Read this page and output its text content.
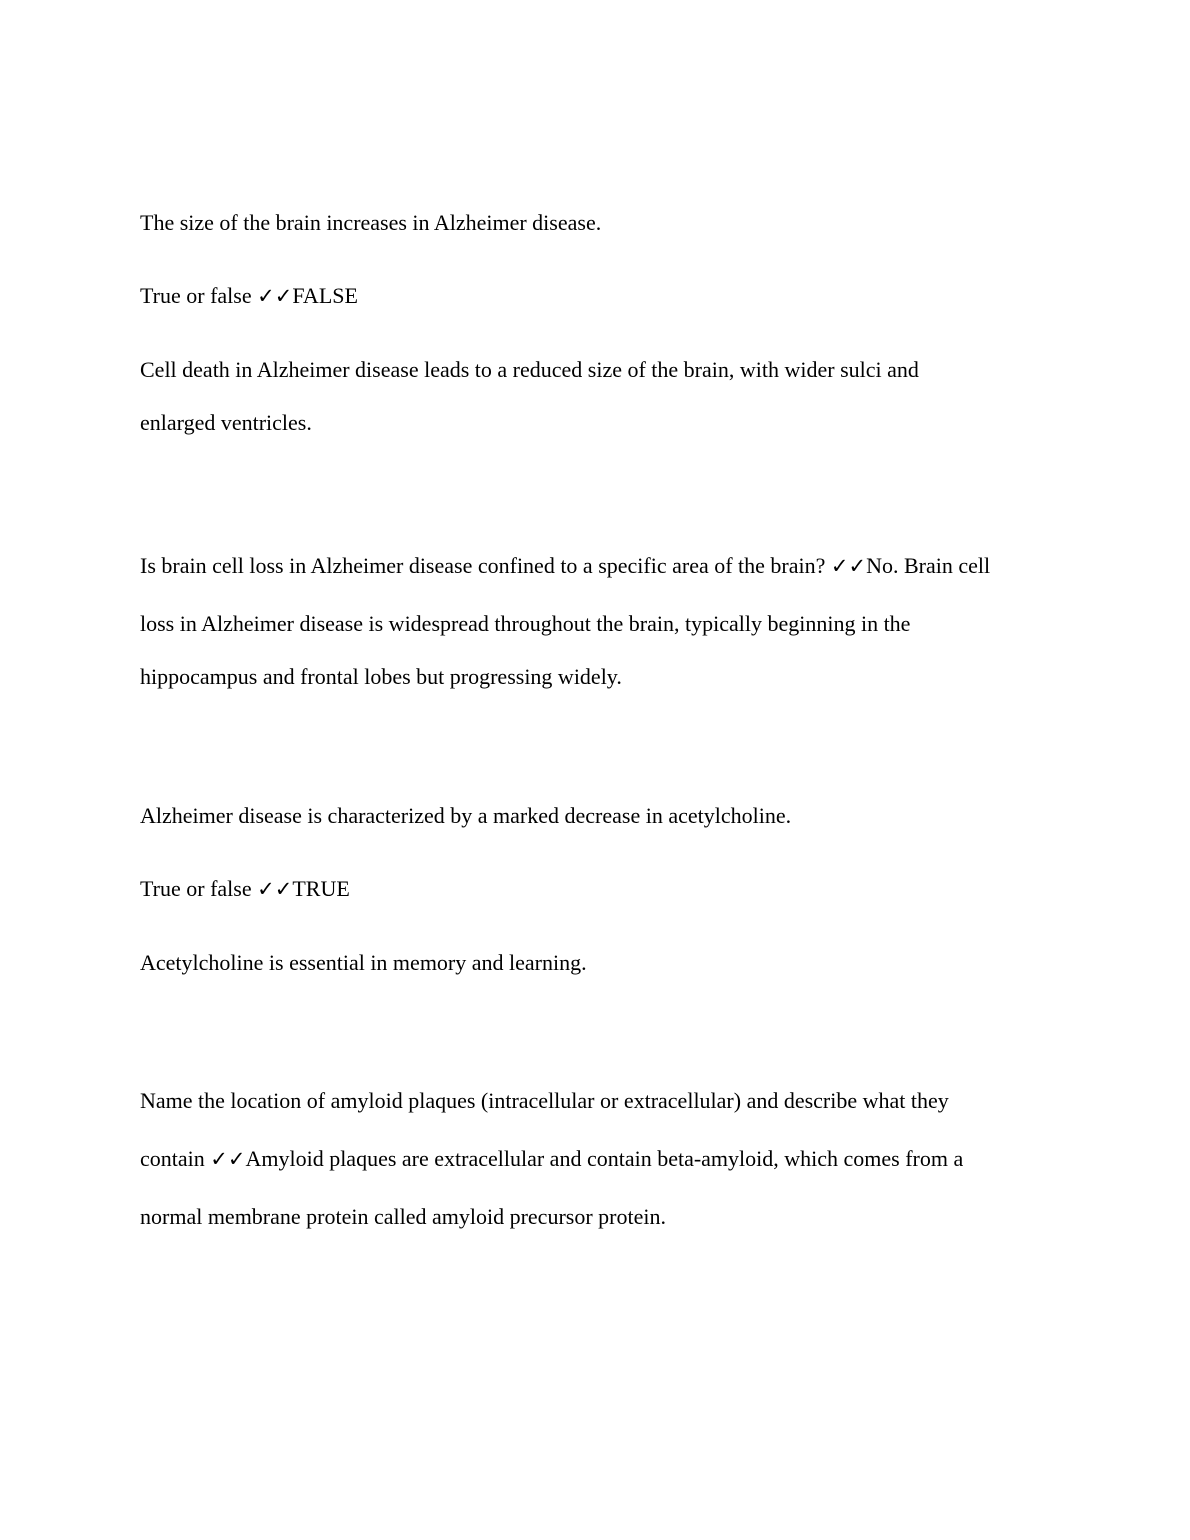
The size of the brain increases in Alzheimer disease.
True or false ✓✓FALSE
Cell death in Alzheimer disease leads to a reduced size of the brain, with wider sulci and
enlarged ventricles.
Is brain cell loss in Alzheimer disease confined to a specific area of the brain? ✓✓No. Brain cell
loss in Alzheimer disease is widespread throughout the brain, typically beginning in the
hippocampus and frontal lobes but progressing widely.
Alzheimer disease is characterized by a marked decrease in acetylcholine.
True or false ✓✓TRUE
Acetylcholine is essential in memory and learning.
Name the location of amyloid plaques (intracellular or extracellular) and describe what they
contain ✓✓Amyloid plaques are extracellular and contain beta-amyloid, which comes from a
normal membrane protein called amyloid precursor protein.
